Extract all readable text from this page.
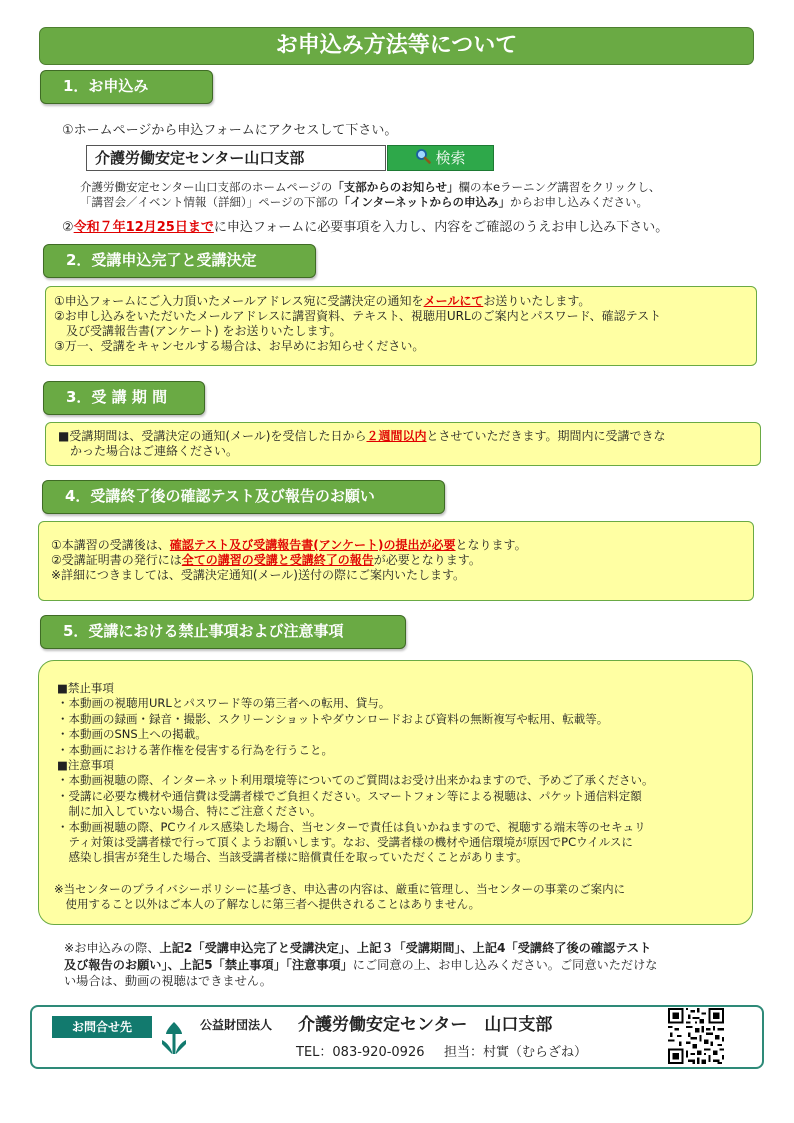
お申込み方法等について
1．お申込み
①ホームページから申込フォームにアクセスして下さい。
介護労働安定センター山口支部	検索
介護労働安定センター山口支部のホームページの「支部からのお知らせ」欄の本eラーニング講習をクリックし、
「講習会／イベント情報（詳細）」ページの下部の「インターネットからの申込み」からお申し込みください。
②令和７年12月25日までに申込フォームに必要事項を入力し、内容をご確認のうえお申し込み下さい。
2．受講申込完了と受講決定
①申込フォームにご入力頂いたメールアドレス宛に受講決定の通知をメールにてお送りいたします。
②お申し込みをいただいたメールアドレスに講習資料、テキスト、視聴用URLのご案内とパスワード、確認テスト
　及び受講報告書(アンケート) をお送りいたします。
③万一、受講をキャンセルする場合は、お早めにお知らせください。
3．受 講 期 間
■受講期間は、受講決定の通知(メール)を受信した日から２週間以内とさせていただきます。期間内に受講できな
　かった場合はご連絡ください。
4．受講終了後の確認テスト及び報告のお願い
①本講習の受講後は、確認テスト及び受講報告書(アンケート)の提出が必要となります。
②受講証明書の発行には全ての講習の受講と受講終了の報告が必要となります。
※詳細につきましては、受講決定通知(メール)送付の際にご案内いたします。
5．受講における禁止事項および注意事項
■禁止事項
・本動画の視聴用URLとパスワード等の第三者への転用、貸与。
・本動画の録画・録音・撮影、スクリーンショットやダウンロードおよび資料の無断複写や転用、転載等。
・本動画のSNS上への掲載。
・本動画における著作権を侵害する行為を行うこと。
■注意事項
・本動画視聴の際、インターネット利用環境等についてのご質問はお受け出来かねますので、予めご了承ください。
・受講に必要な機材や通信費は受講者様でご負担ください。スマートフォン等による視聴は、パケット通信料定額
　制に加入していない場合、特にご注意ください。
・本動画視聴の際、PCウイルス感染した場合、当センターで責任は負いかねますので、視聴する端末等のセキュリ
　ティ対策は受講者様で行って頂くようお願いします。なお、受講者様の機材や通信環境が原因でPCウイルスに
　感染し損害が発生した場合、当該受講者様に賠償責任を取っていただくことがあります。
※当センターのプライバシーポリシーに基づき、申込書の内容は、厳重に管理し、当センターの事業のご案内に
　使用すること以外はご本人の了解なしに第三者へ提供されることはありません。
※お申込みの際、上記2「受講申込完了と受講決定」、上記３「受講期間」、上記4「受講終了後の確認テスト
及び報告のお願い」、上記5「禁止事項」「注意事項」にご同意の上、お申し込みください。ご同意いただけな
い場合は、動画の視聴はできません。
お問合せ先	公益財団法人 介護労働安定センター　山口支部
TEL：083-920-0926 担当：村實（むらざね）
